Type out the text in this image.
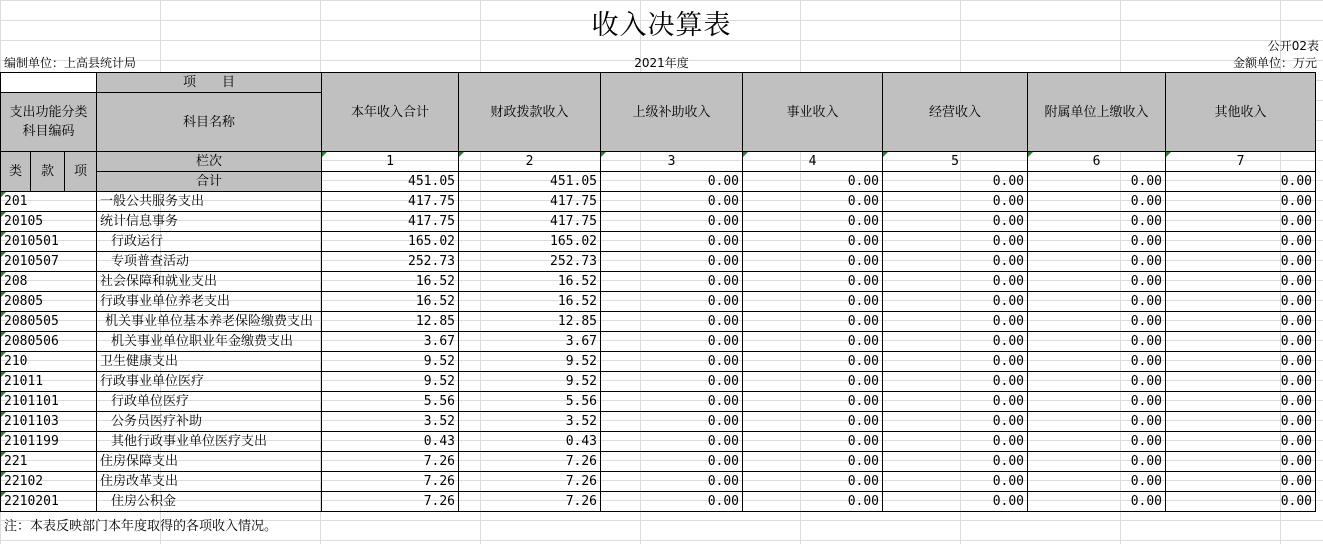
收入决算表
公开02表
编制单位：上高县统计局	2021年度	金额单位：万元
			项　　目	本年收入合计	财政拨款收入	上级补助收入	事业收入	经营收入	附属单位上缴收入	其他收入
支出功能分类科目编码			科目名称							

类	款	项	栏次	1	2	3	4	5	6	7
			合计	451.05	451.05	0.00	0.00	0.00	0.00	0.00
201			一般公共服务支出	417.75	417.75	0.00	0.00	0.00	0.00	0.00
20105			统计信息事务	417.75	417.75	0.00	0.00	0.00	0.00	0.00
2010501			行政运行	165.02	165.02	0.00	0.00	0.00	0.00	0.00
2010507			专项普查活动	252.73	252.73	0.00	0.00	0.00	0.00	0.00
208			社会保障和就业支出	16.52	16.52	0.00	0.00	0.00	0.00	0.00
20805			行政事业单位养老支出	16.52	16.52	0.00	0.00	0.00	0.00	0.00
2080505			机关事业单位基本养老保险缴费支出	12.85	12.85	0.00	0.00	0.00	0.00	0.00
2080506			机关事业单位职业年金缴费支出	3.67	3.67	0.00	0.00	0.00	0.00	0.00
210			卫生健康支出	9.52	9.52	0.00	0.00	0.00	0.00	0.00
21011			行政事业单位医疗	9.52	9.52	0.00	0.00	0.00	0.00	0.00
2101101			行政单位医疗	5.56	5.56	0.00	0.00	0.00	0.00	0.00
2101103			公务员医疗补助	3.52	3.52	0.00	0.00	0.00	0.00	0.00
2101199			其他行政事业单位医疗支出	0.43	0.43	0.00	0.00	0.00	0.00	0.00
221			住房保障支出	7.26	7.26	0.00	0.00	0.00	0.00	0.00
22102			住房改革支出	7.26	7.26	0.00	0.00	0.00	0.00	0.00
2210201			住房公积金	7.26	7.26	0.00	0.00	0.00	0.00	0.00
注：本表反映部门本年度取得的各项收入情况。
